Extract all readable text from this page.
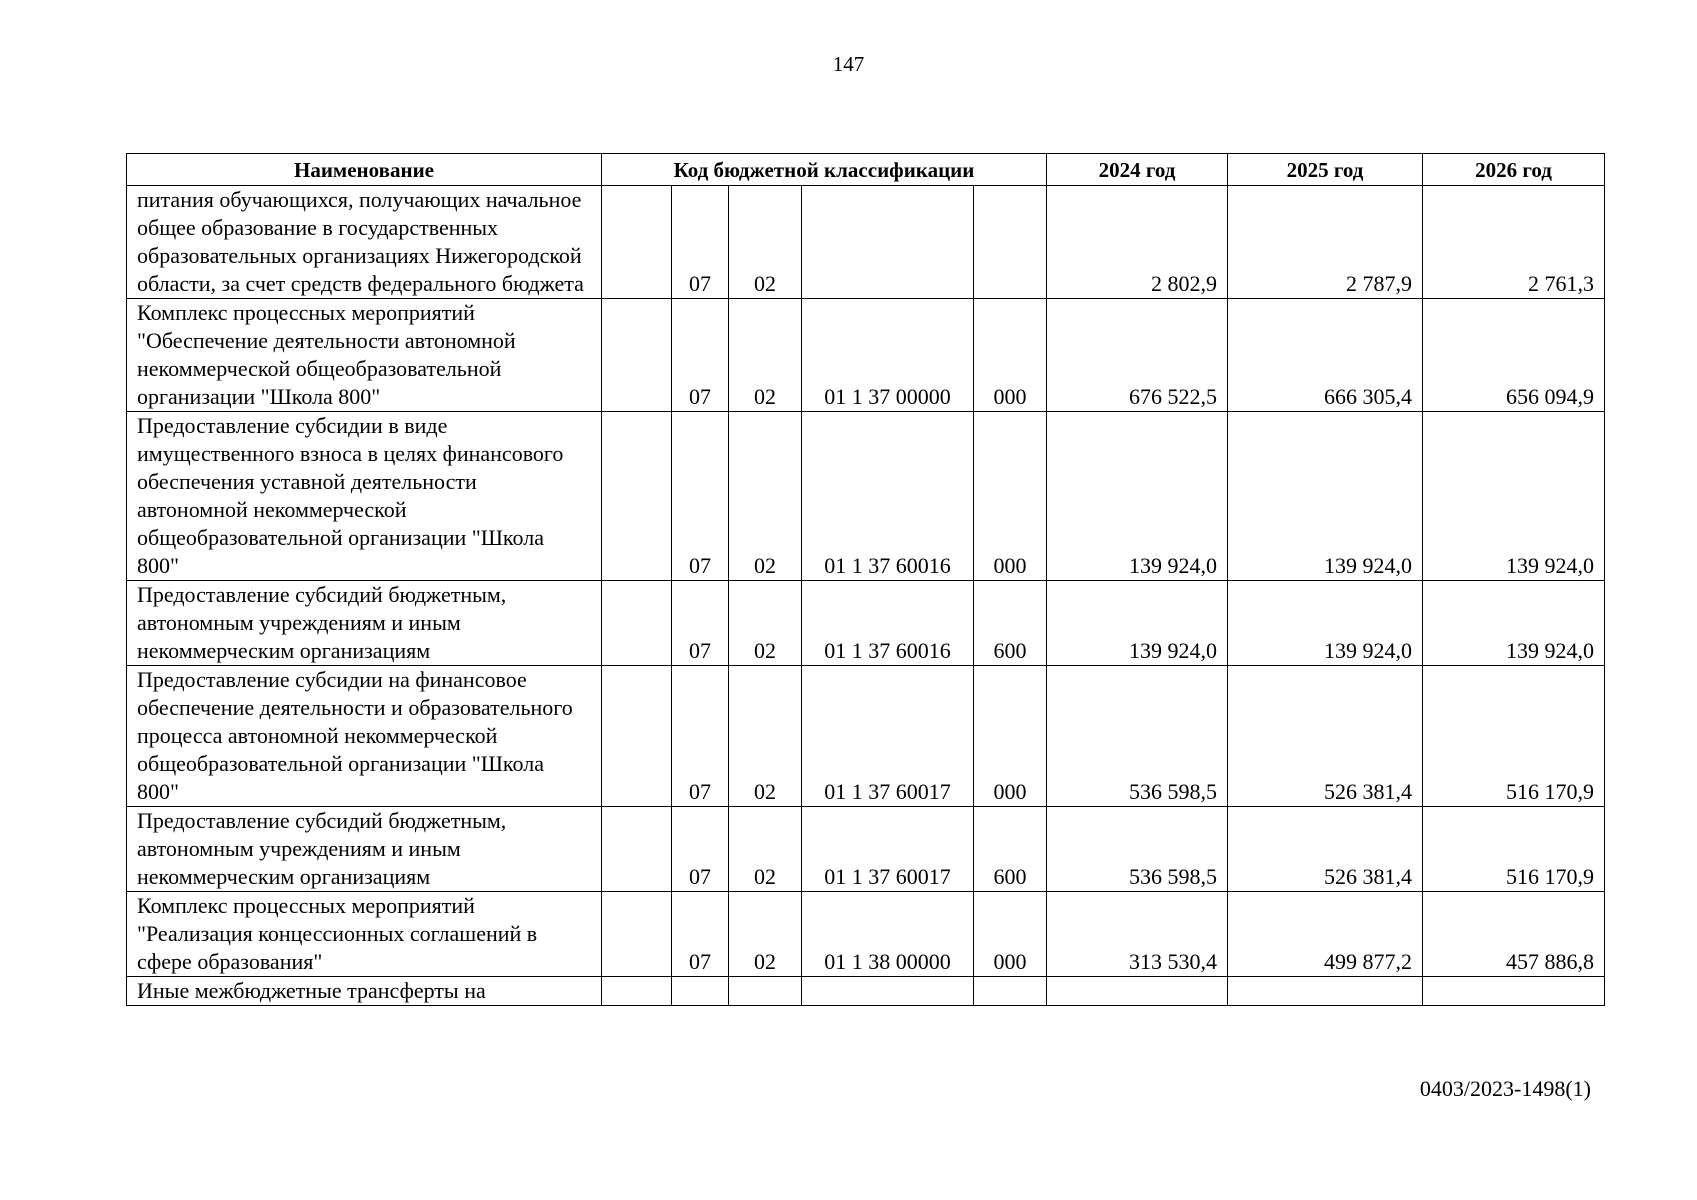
147
Наименование	Код бюджетной классификации					2024 год	2025 год	2026 год
питания обучающихся, получающих начальное общее образование в государственных образовательных организациях Нижегородской области, за счет средств федерального бюджета		07	02			2 802,9	2 787,9	2 761,3
Комплекс процессных мероприятий "Обеспечение деятельности автономной некоммерческой общеобразовательной организации "Школа 800"		07	02	01 1 37 00000	000	676 522,5	666 305,4	656 094,9
Предоставление субсидии в виде имущественного взноса в целях финансового обеспечения уставной деятельности автономной некоммерческой общеобразовательной организации "Школа 800"		07	02	01 1 37 60016	000	139 924,0	139 924,0	139 924,0
Предоставление субсидий бюджетным, автономным учреждениям и иным некоммерческим организациям		07	02	01 1 37 60016	600	139 924,0	139 924,0	139 924,0
Предоставление субсидии на финансовое обеспечение деятельности и образовательного процесса автономной некоммерческой общеобразовательной организации "Школа 800"		07	02	01 1 37 60017	000	536 598,5	526 381,4	516 170,9
Предоставление субсидий бюджетным, автономным учреждениям и иным некоммерческим организациям		07	02	01 1 37 60017	600	536 598,5	526 381,4	516 170,9
Комплекс процессных мероприятий "Реализация концессионных соглашений в сфере образования"		07	02	01 1 38 00000	000	313 530,4	499 877,2	457 886,8
Иные межбюджетные трансферты на								
0403/2023-1498(1)
